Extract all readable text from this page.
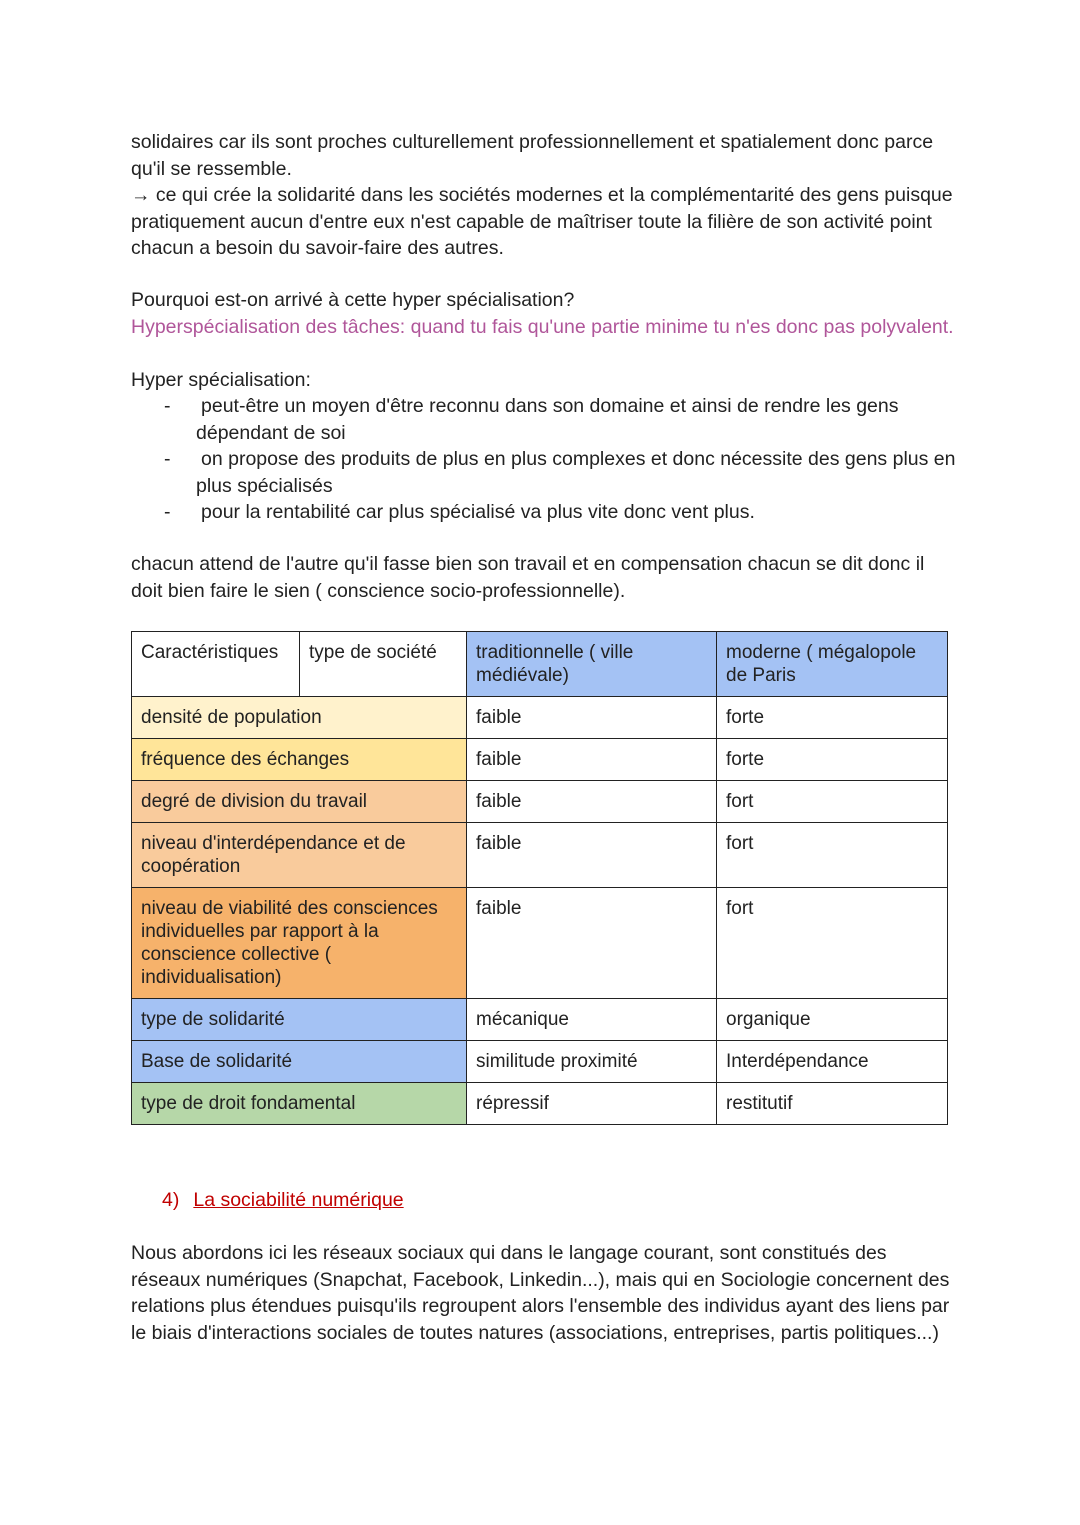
solidaires car ils sont proches culturellement professionnellement et spatialement donc parce qu'il se ressemble.

→ ce qui crée la solidarité dans les sociétés modernes et la complémentarité des gens puisque pratiquement aucun d'entre eux n'est capable de maîtriser toute la filière de son activité point chacun a besoin du savoir-faire des autres.

Pourquoi est-on arrivé à cette hyper spécialisation?

Hyperspécialisation des tâches: quand tu fais qu'une partie minime tu n'es donc pas polyvalent.

Hyper spécialisation:

- peut-être un moyen d'être reconnu dans son domaine et ainsi de rendre les gens dépendant de soi
- on propose des produits de plus en plus complexes et donc nécessite des gens plus en plus spécialisés
- pour la rentabilité car plus spécialisé va plus vite donc vent plus.

chacun attend de l'autre qu'il fasse bien son travail et en compensation chacun se dit donc il doit bien faire le sien ( conscience socio-professionnelle).

Caractéristiques	type de société	traditionnelle ( ville médiévale)	moderne ( mégalopole de Paris
densité de population		faible	forte
fréquence des échanges		faible	forte
degré de division du travail		faible	fort
niveau d'interdépendance et de coopération		faible	fort
niveau de viabilité des consciences individuelles par rapport à la conscience collective ( individualisation)		faible	fort
type de solidarité		mécanique	organique
Base de solidarité		similitude proximité	Interdépendance
type de droit fondamental		répressif	restitutif
4) La sociabilité numérique

Nous abordons ici les réseaux sociaux qui dans le langage courant, sont constitués des réseaux numériques (Snapchat, Facebook, Linkedin...), mais qui en Sociologie concernent des relations plus étendues puisqu'ils regroupent alors l'ensemble des individus ayant des liens par le biais d'interactions sociales de toutes natures (associations, entreprises, partis politiques...)
